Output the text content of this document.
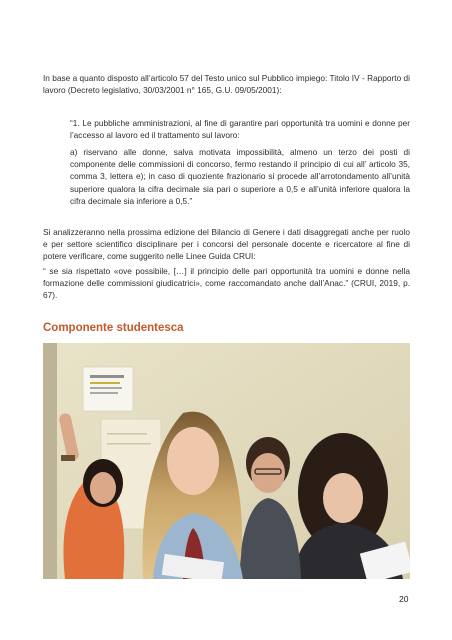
In base a quanto disposto all’articolo 57 del Testo unico sul Pubblico impiego: Titolo IV - Rapporto di lavoro (Decreto legislativo, 30/03/2001 n° 165, G.U. 09/05/2001):

“1. Le pubbliche amministrazioni, al fine di garantire pari opportunità tra uomini e donne per l’accesso al lavoro ed il trattamento sul lavoro:

a) riservano alle donne, salva motivata impossibilità, almeno un terzo dei posti di componente delle commissioni di concorso, fermo restando il principio di cui all’ articolo 35, comma 3, lettera e); in caso di quoziente frazionario si procede all’arrotondamento all’unità superiore qualora la cifra decimale sia pari o superiore a 0,5 e all’unità inferiore qualora la cifra decimale sia inferiore a 0,5.”

Si analizzeranno nella prossima edizione del Bilancio di Genere i dati disaggregati anche per ruolo e per settore scientifico disciplinare per i concorsi del personale docente e ricercatore al fine di potere verificare, come suggerito nelle Linee Guida CRUI:

“ se sia rispettato «ove possibile, […] il principio delle pari opportunità tra uomini e donne nella formazione delle commissioni giudicatrici», come raccomandato anche dall’Anac.” (CRUI, 2019, p. 67).

Componente studentesca
20
